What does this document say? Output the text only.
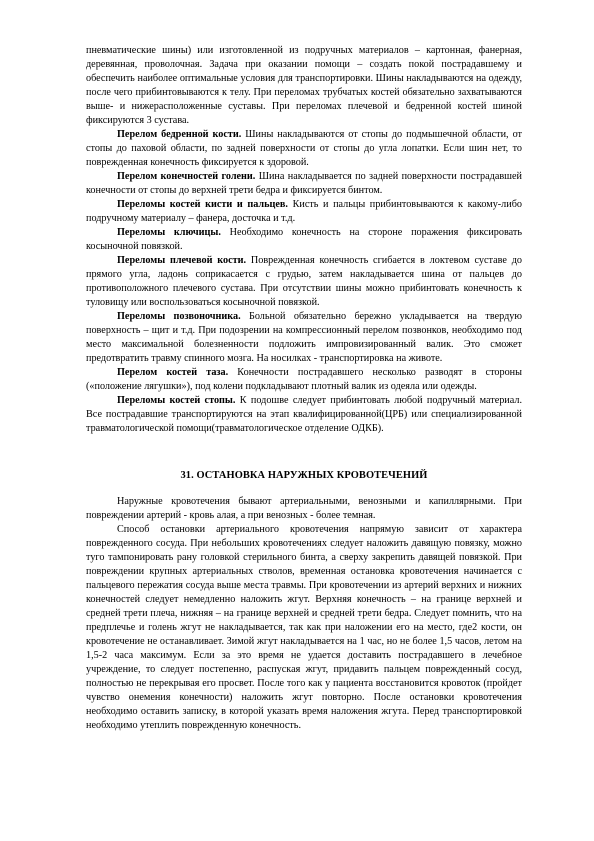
пневматические шины) или изготовленной из подручных материалов – картонная, фанерная, деревянная, проволочная. Задача при оказании помощи – создать покой пострадавшему и обеспечить наиболее оптимальные условия для транспортировки. Шины накладываются на одежду, после чего прибинтовываются к телу. При переломах трубчатых костей обязательно захватываются выше- и нижерасположенные суставы. При переломах плечевой и бедренной костей шиной фиксируются 3 сустава.

Перелом бедренной кости. Шины накладываются от стопы до подмышечной области, от стопы до паховой области, по задней поверхности от стопы до угла лопатки. Если шин нет, то поврежденная конечность фиксируется к здоровой.

Перелом конечностей голени. Шина накладывается по задней поверхности пострадавшей конечности от стопы до верхней трети бедра и фиксируется бинтом.

Переломы костей кисти и пальцев. Кисть и пальцы прибинтовываются к какому-либо подручному материалу – фанера, досточка и т.д.

Переломы ключицы. Необходимо конечность на стороне поражения фиксировать косыночной повязкой.

Переломы плечевой кости. Поврежденная конечность сгибается в локтевом суставе до прямого угла, ладонь соприкасается с грудью, затем накладывается шина от пальцев до противоположного плечевого сустава. При отсутствии шины можно прибинтовать конечность к туловищу или воспользоваться косыночной повязкой.

Переломы позвоночника. Больной обязательно бережно укладывается на твердую поверхность – щит и т.д. При подозрении на компрессионный перелом позвонков, необходимо под место максимальной болезненности подложить импровизированный валик. Это сможет предотвратить травму спинного мозга. На носилках - транспортировка на животе.

Перелом костей таза. Конечности пострадавшего несколько разводят в стороны («положение лягушки»), под колени подкладывают плотный валик из одеяла или одежды.

Переломы костей стопы. К подошве следует прибинтовать любой подручный материал. Все пострадавшие транспортируются на этап квалифицированной(ЦРБ) или специализированной травматологической помощи(травматологическое отделение ОДКБ).

31. ОСТАНОВКА НАРУЖНЫХ КРОВОТЕЧЕНИЙ

Наружные кровотечения бывают артериальными, венозными и капиллярными. При повреждении артерий - кровь алая, а при венозных - более темная.

Способ остановки артериального кровотечения напрямую зависит от характера поврежденного сосуда. При небольших кровотечениях следует наложить давящую повязку, можно туго тампонировать рану головкой стерильного бинта, а сверху закрепить давящей повязкой. При повреждении крупных артериальных стволов, временная остановка кровотечения начинается с пальцевого пережатия сосуда выше места травмы. При кровотечении из артерий верхних и нижних конечностей следует немедленно наложить жгут. Верхняя конечность – на границе верхней и средней трети плеча, нижняя – на границе верхней и средней трети бедра. Следует помнить, что на предплечье и голень жгут не накладывается, так как при наложении его на место, где2 кости, он кровотечение не останавливает. Зимой жгут накладывается на 1 час, но не более 1,5 часов, летом на 1,5-2 часа максимум. Если за это время не удается доставить пострадавшего в лечебное учреждение, то следует постепенно, распуская жгут, придавить пальцем поврежденный сосуд, полностью не перекрывая его просвет. После того как у пациента восстановится кровоток (пройдет чувство онемения конечности) наложить жгут повторно. После остановки кровотечения необходимо оставить записку, в которой указать время наложения жгута. Перед транспортировкой необходимо утеплить поврежденную конечность.
